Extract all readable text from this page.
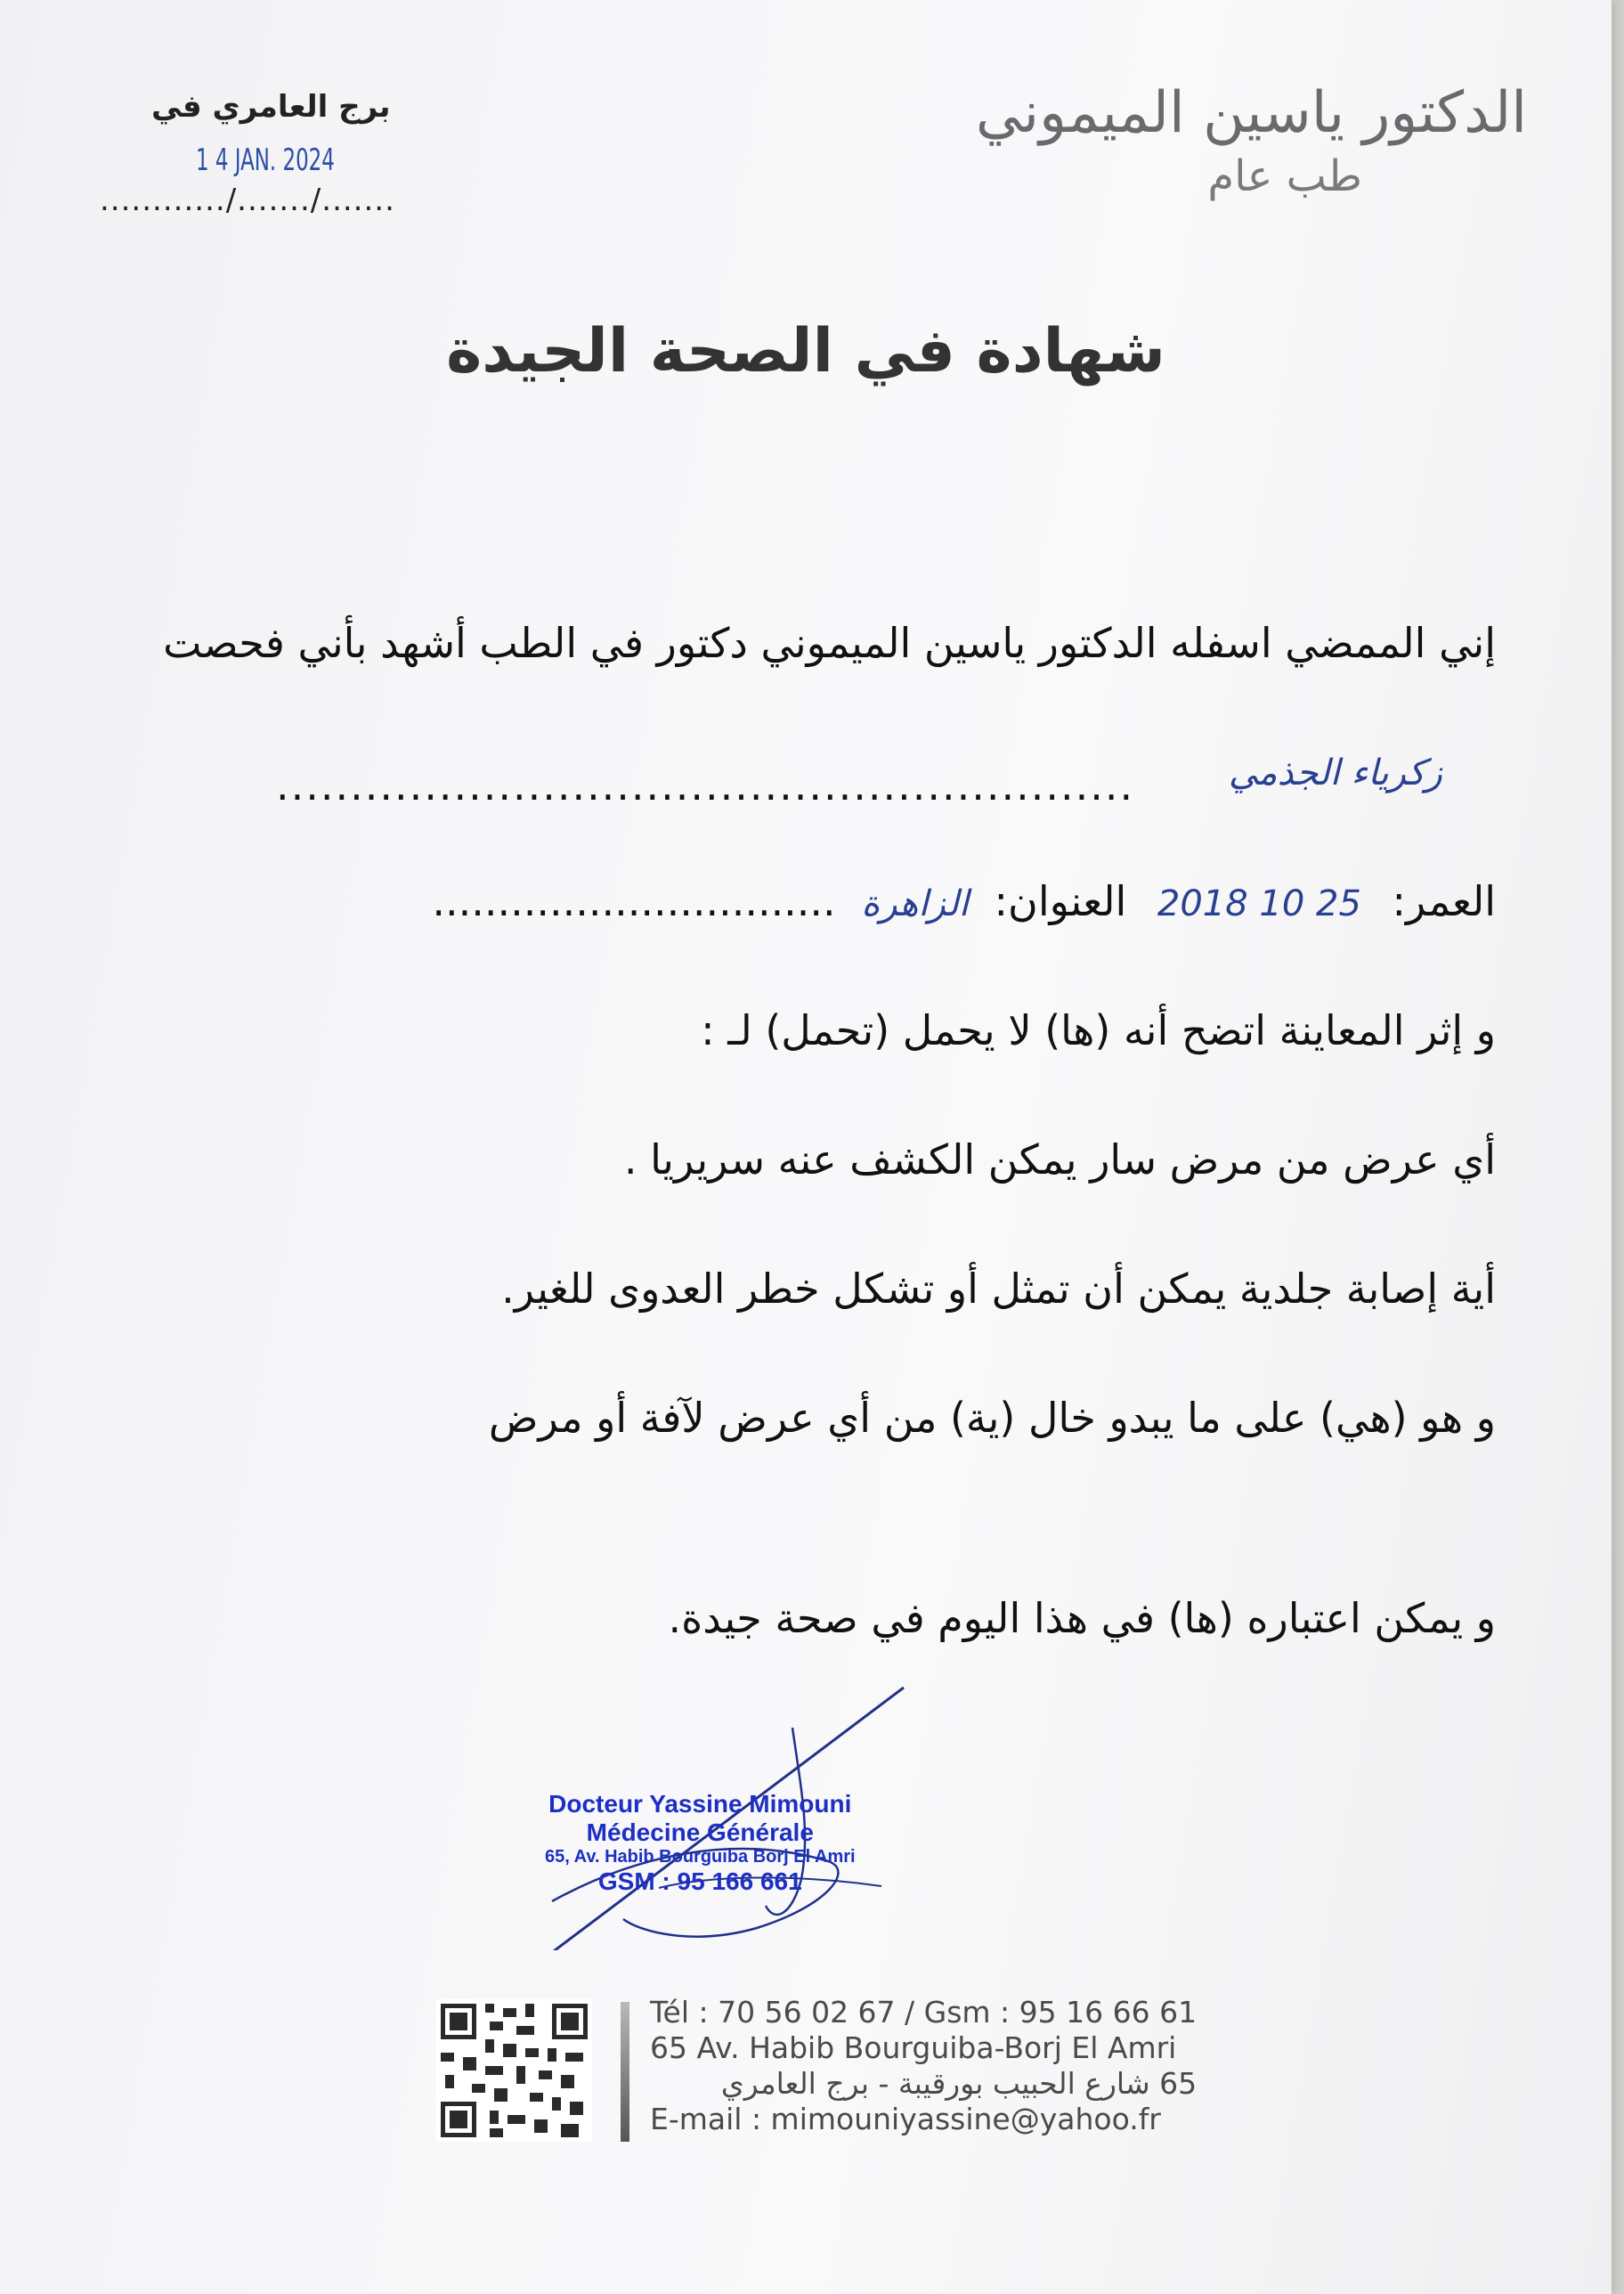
الدكتور ياسين الميموني
طب عام
برج العامري في
1 4 JAN. 2024
............/......./.......
شهادة في الصحة الجيدة
إني الممضي اسفله الدكتور ياسين الميموني دكتور في الطب أشهد بأني فحصت
..........................................................	زكرياء الجذمي
العمر: 2018 10 25 العنوان: الزاهرة ...............................
و إثر المعاينة اتضح أنه (ها) لا يحمل (تحمل) لـ :
أي عرض من مرض سار يمكن الكشف عنه سريريا .
أية إصابة جلدية يمكن أن تمثل أو تشكل خطر العدوى للغير.
و هو (هي) على ما يبدو خال (ية) من أي عرض لآفة أو مرض
و يمكن اعتباره (ها) في هذا اليوم في صحة جيدة.
Docteur Yassine Mimouni
Médecine Générale
65, Av. Habib Bourguiba Borj El Amri
GSM : 95 166 661
Tél : 70 56 02 67 / Gsm : 95 16 66 61
65 Av. Habib Bourguiba-Borj El Amri
65 شارع الحبيب بورقيبة - برج العامري
E-mail : mimouniyassine@yahoo.fr
